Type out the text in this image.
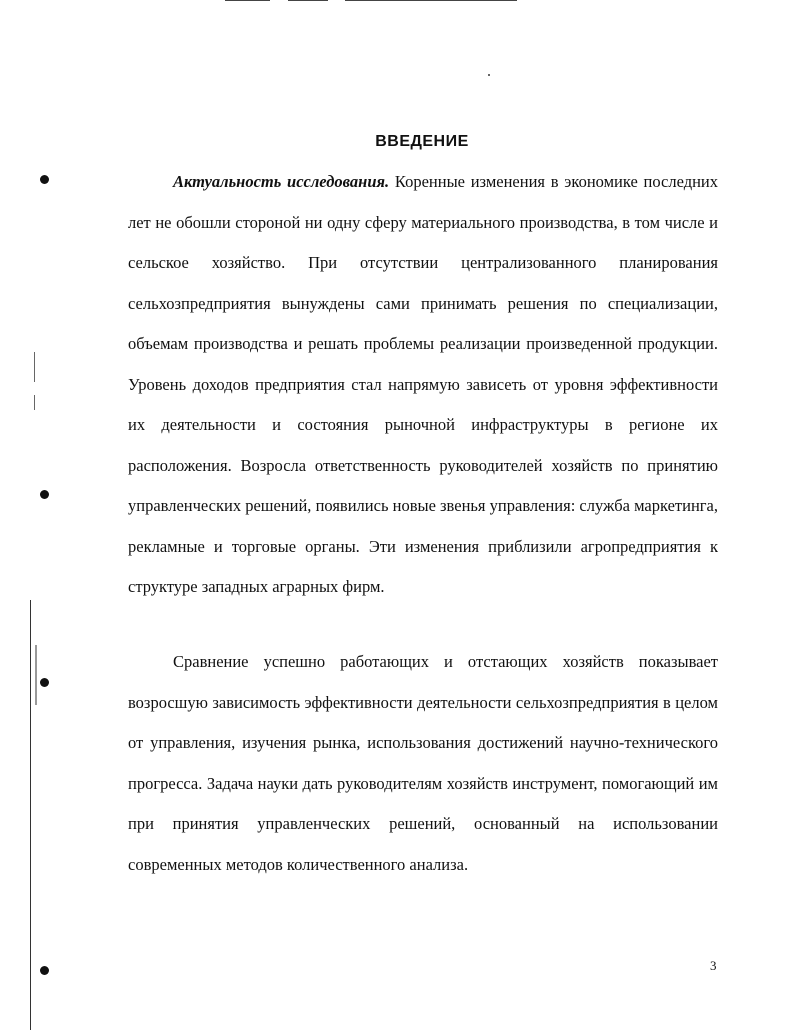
ВВЕДЕНИЕ

Актуальность исследования. Коренные изменения в экономике последних лет не обошли стороной ни одну сферу материального производства, в том числе и сельское хозяйство. При отсутствии централизованного планирования сельхозпредприятия вынуждены сами принимать решения по специализации, объемам производства и решать проблемы реализации произведенной продукции. Уровень доходов предприятия стал напрямую зависеть от уровня эффективности их деятельности и состояния рыночной инфраструктуры в регионе их расположения. Возросла ответственность руководителей хозяйств по принятию управленческих решений, появились новые звенья управления: служба маркетинга, рекламные и торговые органы. Эти изменения приблизили агропредприятия к структуре западных аграрных фирм.

Сравнение успешно работающих и отстающих хозяйств показывает возросшую зависимость эффективности деятельности сельхозпредприятия в целом от управления, изучения рынка, использования достижений научно-технического прогресса. Задача науки дать руководителям хозяйств инструмент, помогающий им при принятия управленческих решений, основанный на использовании современных методов количественного анализа.

3
